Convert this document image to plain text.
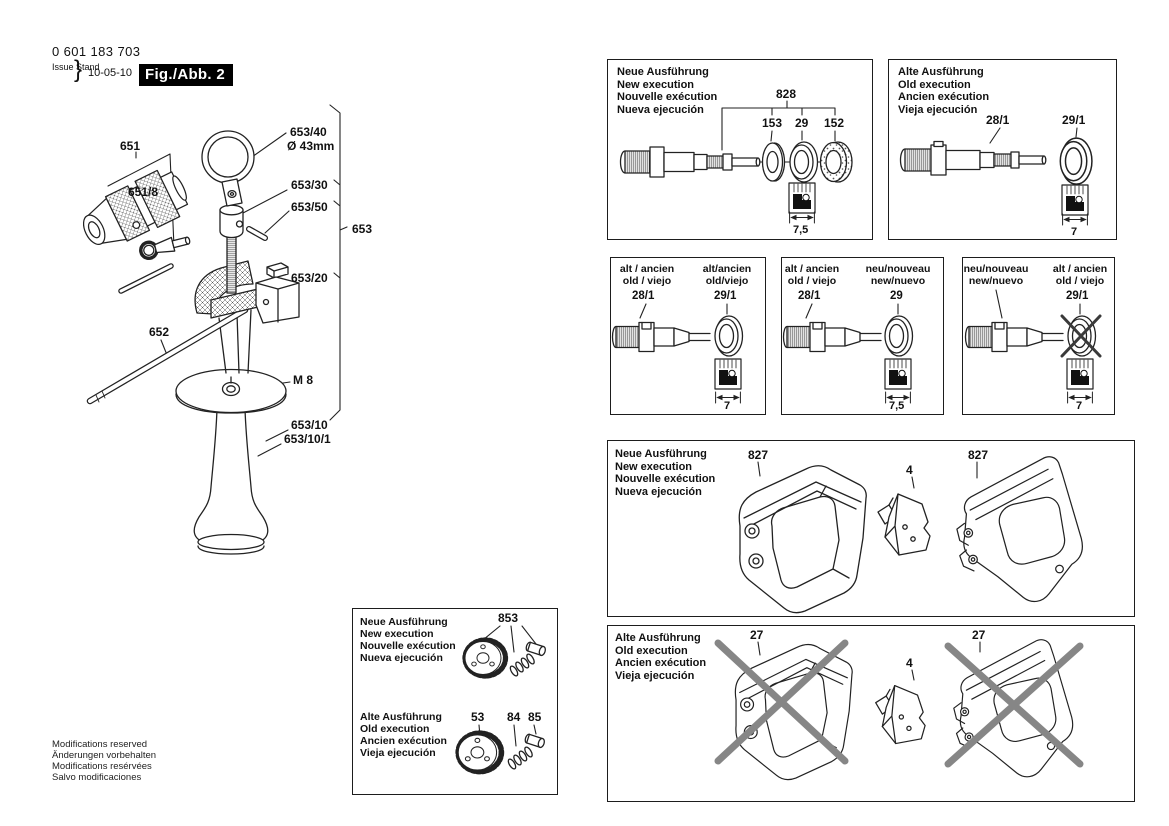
0 601 183 703
Issue Stand
} 10-05-10 Fig./Abb. 2
651
651/8
652
653
653/40
Ø 43mm
653/30
653/50
653/20
M 8
653/10
653/10/1
Neue Ausführung
New execution
Nouvelle exécution
Nueva ejecución
828
153 29 152
7,5
Alte Ausführung
Old execution
Ancien exécution
Vieja ejecución
28/1	29/1
7
alt / ancien
old / viejo
28/1
alt/ancien
old/viejo
29/1
7
alt / ancien
old / viejo
28/1
neu/nouveau
new/nuevo
29
7,5
neu/nouveau
new/nuevo
alt / ancien
old / viejo
29/1
7
Neue Ausführung
New execution
Nouvelle exécution
Nueva ejecución
827
4
827
Alte Ausführung
Old execution
Ancien exécution
Vieja ejecución
27
4
27
Neue Ausführung
New execution
Nouvelle exécution
Nueva ejecución
853
Alte Ausführung
Old execution
Ancien exécution
Vieja ejecución
53 84 85
Modifications reserved
Änderungen vorbehalten
Modifications resérvées
Salvo modificaciones
